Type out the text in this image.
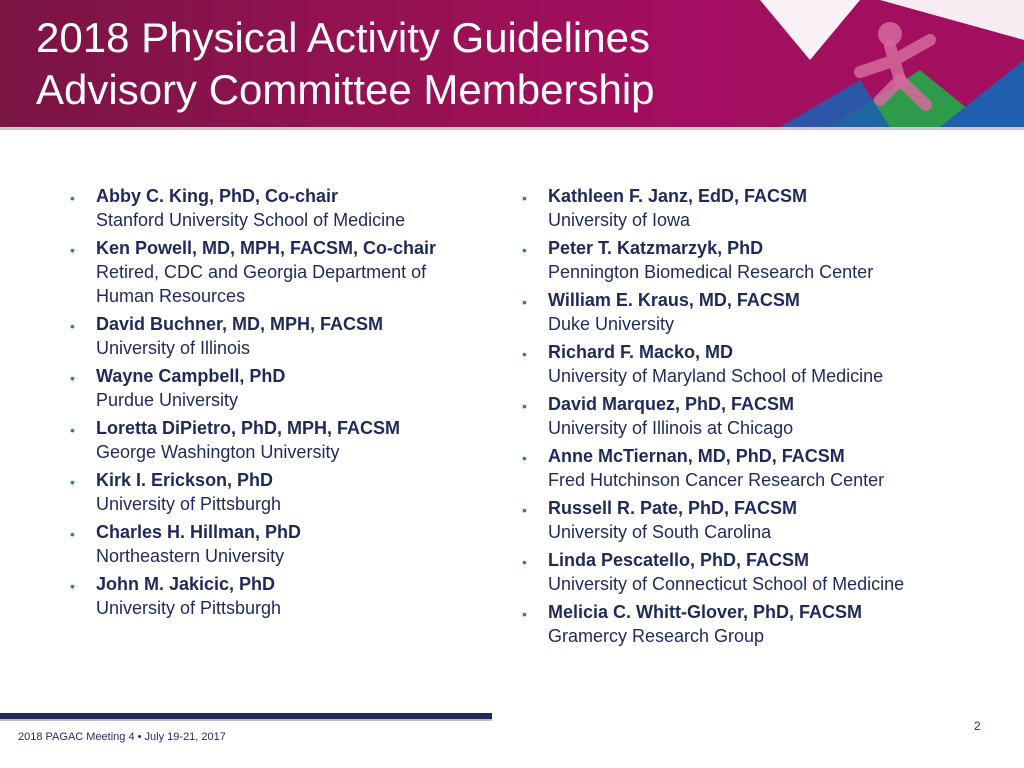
2018 Physical Activity Guidelines
Advisory Committee Membership
• Abby C. King, PhD, Co-chair
Stanford University School of Medicine
• Ken Powell, MD, MPH, FACSM, Co-chair
Retired, CDC and Georgia Department of Human Resources
• David Buchner, MD, MPH, FACSM
University of Illinois
• Wayne Campbell, PhD
Purdue University
• Loretta DiPietro, PhD, MPH, FACSM
George Washington University
• Kirk I. Erickson, PhD
University of Pittsburgh
• Charles H. Hillman, PhD
Northeastern University
• John M. Jakicic, PhD
University of Pittsburgh
• Kathleen F. Janz, EdD, FACSM
University of Iowa
• Peter T. Katzmarzyk, PhD
Pennington Biomedical Research Center
• William E. Kraus, MD, FACSM
Duke University
• Richard F. Macko, MD
University of Maryland School of Medicine
• David Marquez, PhD, FACSM
University of Illinois at Chicago
• Anne McTiernan, MD, PhD, FACSM
Fred Hutchinson Cancer Research Center
• Russell R. Pate, PhD, FACSM
University of South Carolina
• Linda Pescatello, PhD, FACSM
University of Connecticut School of Medicine
• Melicia C. Whitt-Glover, PhD, FACSM
Gramercy Research Group
2018 PAGAC Meeting 4 • July 19-21, 2017
2
